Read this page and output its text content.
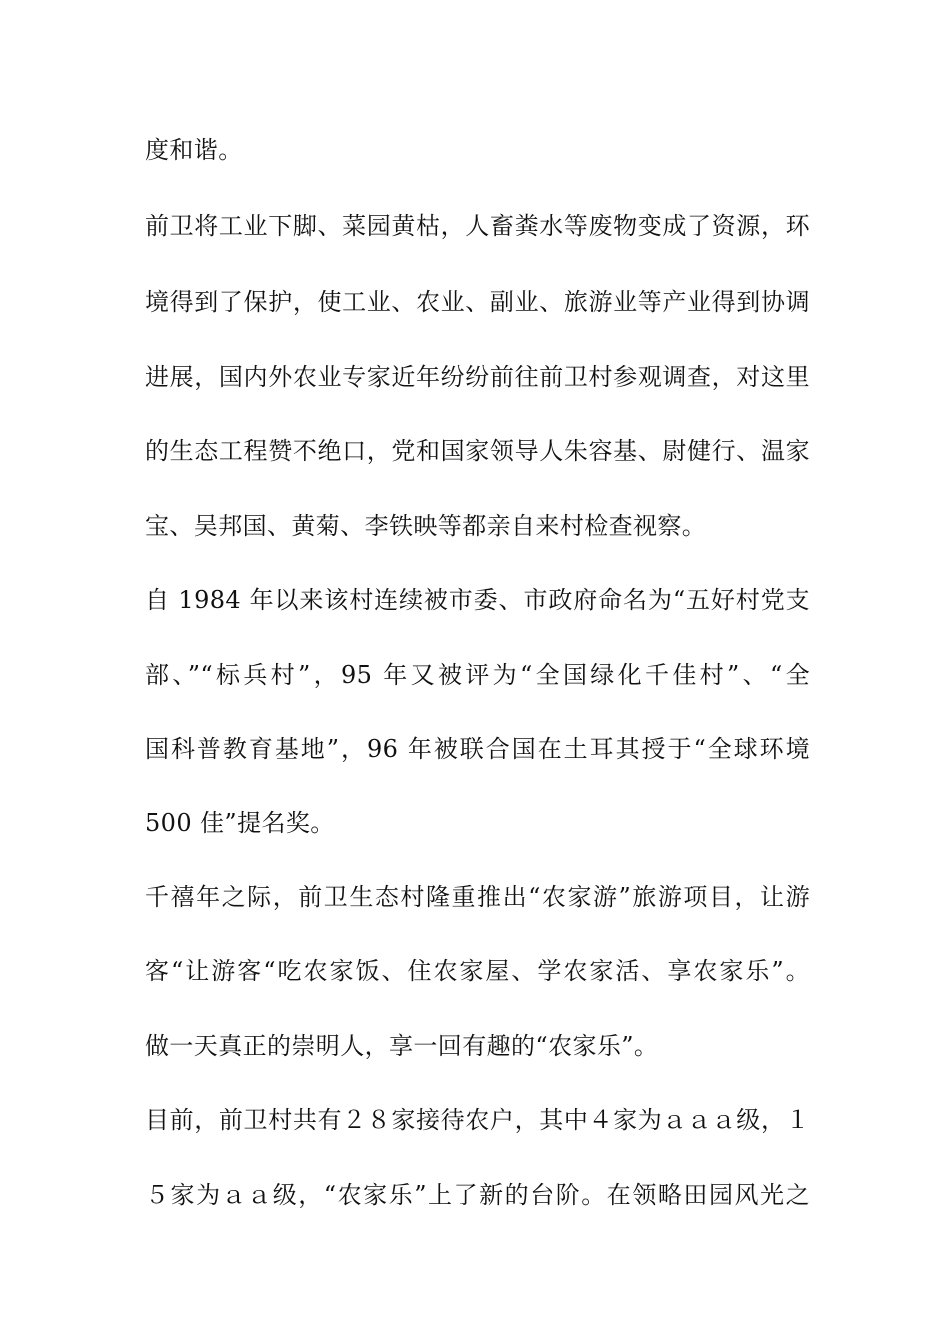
度和谐。
前卫将工业下脚、菜园黄枯，人畜粪水等废物变成了资源，环
境得到了保护，使工业、农业、副业、旅游业等产业得到协调
进展，国内外农业专家近年纷纷前往前卫村参观调查，对这里
的生态工程赞不绝口，党和国家领导人朱容基、尉健行、温家
宝、吴邦国、黄菊、李铁映等都亲自来村检查视察。
自 1984 年以来该村连续被市委、市政府命名为“五好村党支
部、”“标兵村”，95 年又被评为“全国绿化千佳村”、“全
国科普教育基地”，96 年被联合国在土耳其授于“全球环境
500 佳”提名奖。
千禧年之际，前卫生态村隆重推出“农家游”旅游项目，让游
客“让游客“吃农家饭、住农家屋、学农家活、享农家乐”。
做一天真正的崇明人，享一回有趣的“农家乐”。
目前，前卫村共有２８家接待农户，其中４家为ａａａ级，１
５家为ａａ级，“农家乐”上了新的台阶。在领略田园风光之
